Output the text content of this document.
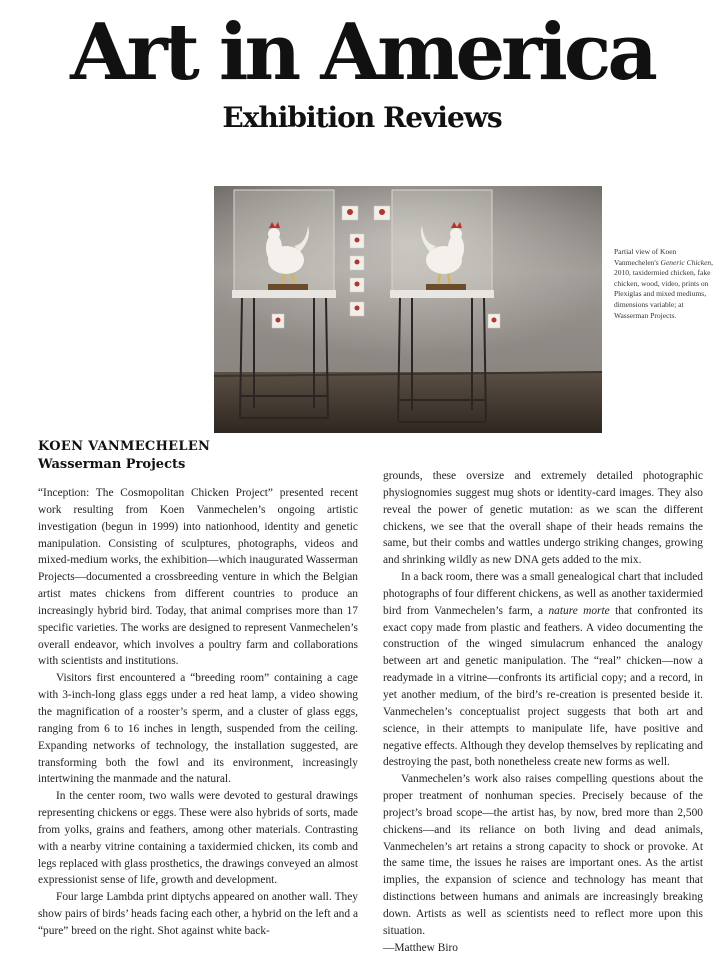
Art in America
Exhibition Reviews
Partial view of Koen Vanmechelen's Generic Chicken, 2010, taxidermied chicken, fake chicken, wood, video, prints on Plexiglas and mixed mediums, dimensions variable; at Wasserman Projects.
KOEN VANMECHELEN
Wasserman Projects

“Inception: The Cosmopolitan Chicken Project” presented recent work resulting from Koen Vanmechelen’s ongoing artistic investigation (begun in 1999) into nationhood, identity and genetic manipulation. Consisting of sculptures, photographs, videos and mixed-medium works, the exhibition—which inaugurated Wasserman Projects—documented a crossbreeding venture in which the Belgian artist mates chickens from different countries to produce an increasingly hybrid bird. Today, that animal comprises more than 17 specific varieties. The works are designed to represent Vanmechelen’s overall endeavor, which involves a poultry farm and collaborations with scientists and institutions.

Visitors first encountered a “breeding room” containing a cage with 3-inch-long glass eggs under a red heat lamp, a video showing the magnification of a rooster’s sperm, and a cluster of glass eggs, ranging from 6 to 16 inches in length, suspended from the ceiling. Expanding networks of technology, the installation suggested, are transforming both the fowl and its environment, increasingly intertwining the manmade and the natural.

In the center room, two walls were devoted to gestural drawings representing chickens or eggs. These were also hybrids of sorts, made from yolks, grains and feathers, among other materials. Contrasting with a nearby vitrine containing a taxidermied chicken, its comb and legs replaced with glass prosthetics, the drawings conveyed an almost expressionist sense of life, growth and development.

Four large Lambda print diptychs appeared on another wall. They show pairs of birds’ heads facing each other, a hybrid on the left and a “pure” breed on the right. Shot against white back-

grounds, these oversize and extremely detailed photographic physiognomies suggest mug shots or identity-card images. They also reveal the power of genetic mutation: as we scan the different chickens, we see that the overall shape of their heads remains the same, but their combs and wattles undergo striking changes, growing and shrinking wildly as new DNA gets added to the mix.

In a back room, there was a small genealogical chart that included photographs of four different chickens, as well as another taxidermied bird from Vanmechelen’s farm, a nature morte that confronted its exact copy made from plastic and feathers. A video documenting the construction of the winged simulacrum enhanced the analogy between art and genetic manipulation. The “real” chicken—now a readymade in a vitrine—confronts its artificial copy; and a record, in yet another medium, of the bird’s re-creation is presented beside it. Vanmechelen’s conceptualist project suggests that both art and science, in their attempts to manipulate life, have positive and negative effects. Although they develop themselves by replicating and destroying the past, both nonetheless create new forms as well.

Vanmechelen’s work also raises compelling questions about the proper treatment of nonhuman species. Precisely because of the project’s broad scope—the artist has, by now, bred more than 2,500 chickens—and its reliance on both living and dead animals, Vanmechelen’s art retains a strong capacity to shock or provoke. At the same time, the issues he raises are important ones. As the artist implies, the expansion of science and technology has meant that distinctions between humans and animals are increasingly breaking down. Artists as well as scientists need to reflect more upon this situation.

—Matthew Biro
